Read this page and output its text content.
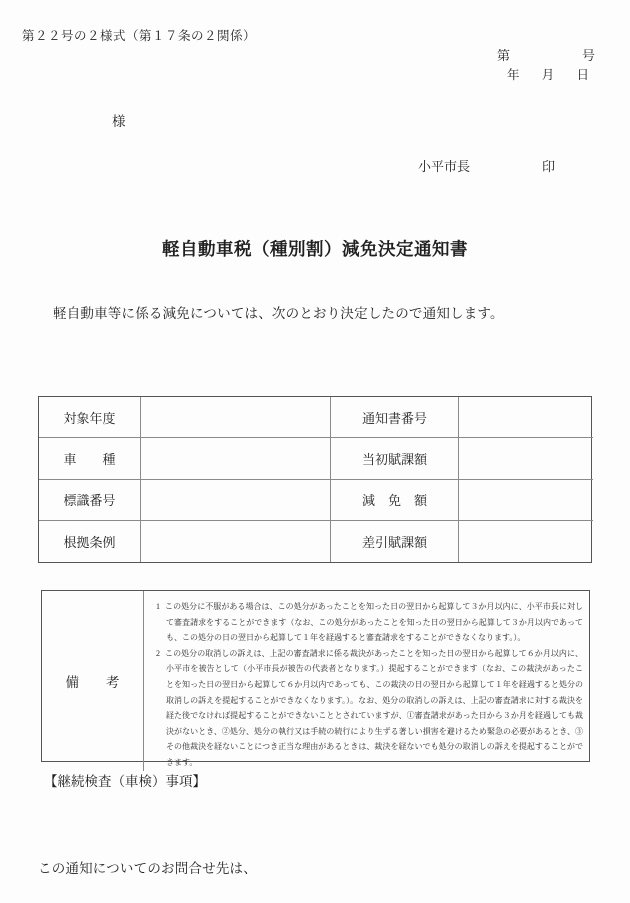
第２２号の２様式（第１７条の２関係）
第	号
年 月 日
様
小平市長	印
軽自動車税（種別割）減免決定通知書
軽自動車等に係る減免については、次のとおり決定したので通知します。
対象年度	通知書番号
車　　種	当初賦課額
標識番号	減　免　額
根拠条例	差引賦課額
備　　考
1 この処分に不服がある場合は、この処分があったことを知った日の翌日から起算して３か月以内に、小平市長に対して審査請求をすることができます（なお、この処分があったことを知った日の翌日から起算して３か月以内であっても、この処分の日の翌日から起算して１年を経過すると審査請求をすることができなくなります。）。
2 この処分の取消しの訴えは、上記の審査請求に係る裁決があったことを知った日の翌日から起算して６か月以内に、小平市を被告として（小平市長が被告の代表者となります。）提起することができます（なお、この裁決があったことを知った日の翌日から起算して６か月以内であっても、この裁決の日の翌日から起算して１年を経過すると処分の取消しの訴えを提起することができなくなります。）。なお、処分の取消しの訴えは、上記の審査請求に対する裁決を経た後でなければ提起することができないこととされていますが、①審査請求があった日から３か月を経過しても裁決がないとき、②処分、処分の執行又は手続の続行により生ずる著しい損害を避けるため緊急の必要があるとき、③その他裁決を経ないことにつき正当な理由があるときは、裁決を経ないでも処分の取消しの訴えを提起することができます。
【継続検査（車検）事項】
この通知についてのお問合せ先は、
